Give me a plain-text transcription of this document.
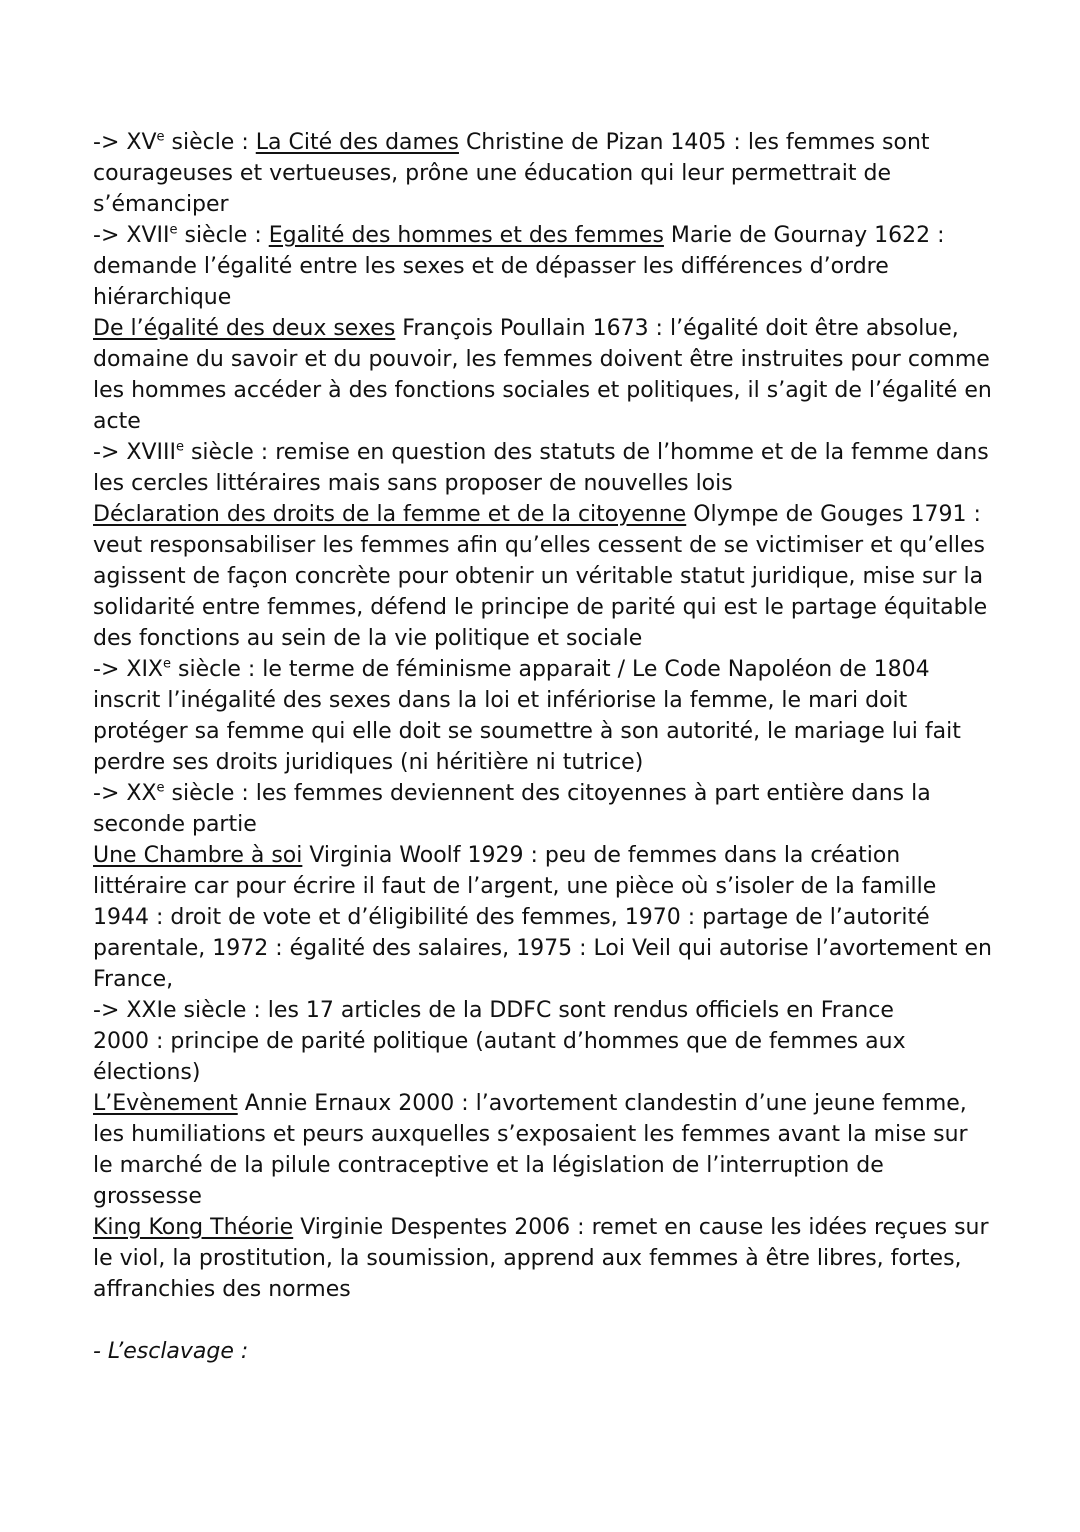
-> $XV^e$ siècle : La Cité des dames Christine de Pizan 1405 : les femmes sont courageuses et vertueuses, prône une éducation qui leur permettrait de s’émanciper

-> $XVII^e$ siècle : Egalité des hommes et des femmes Marie de Gournay 1622 : demande l’égalité entre les sexes et de dépasser les différences d’ordre hiérarchique

De l’égalité des deux sexes François Poullain 1673 : l’égalité doit être absolue, domaine du savoir et du pouvoir, les femmes doivent être instruites pour comme les hommes accéder à des fonctions sociales et politiques, il s’agit de l’égalité en acte

-> $XVIII^e$ siècle : remise en question des statuts de l’homme et de la femme dans les cercles littéraires mais sans proposer de nouvelles lois

Déclaration des droits de la femme et de la citoyenne Olympe de Gouges 1791 : veut responsabiliser les femmes afin qu’elles cessent de se victimiser et qu’elles agissent de façon concrète pour obtenir un véritable statut juridique, mise sur la solidarité entre femmes, défend le principe de parité qui est le partage équitable des fonctions au sein de la vie politique et sociale

-> $XIX^e$ siècle : le terme de féminisme apparait / Le Code Napoléon de 1804 inscrit l’inégalité des sexes dans la loi et infériorise la femme, le mari doit protéger sa femme qui elle doit se soumettre à son autorité, le mariage lui fait perdre ses droits juridiques (ni héritière ni tutrice)

-> $XX^e$ siècle : les femmes deviennent des citoyennes à part entière dans la seconde partie

Une Chambre à soi Virginia Woolf 1929 : peu de femmes dans la création littéraire car pour écrire il faut de l’argent, une pièce où s’isoler de la famille

1944 : droit de vote et d’éligibilité des femmes, 1970 : partage de l’autorité parentale, 1972 : égalité des salaires, 1975 : Loi Veil qui autorise l’avortement en France,

-> XXIe siècle : les 17 articles de la DDFC sont rendus officiels en France

2000 : principe de parité politique (autant d’hommes que de femmes aux élections)

L’Evènement Annie Ernaux 2000 : l’avortement clandestin d’une jeune femme, les humiliations et peurs auxquelles s’exposaient les femmes avant la mise sur le marché de la pilule contraceptive et la législation de l’interruption de grossesse

King Kong Théorie Virginie Despentes 2006 : remet en cause les idées reçues sur le viol, la prostitution, la soumission, apprend aux femmes à être libres, fortes, affranchies des normes

- L’esclavage :
